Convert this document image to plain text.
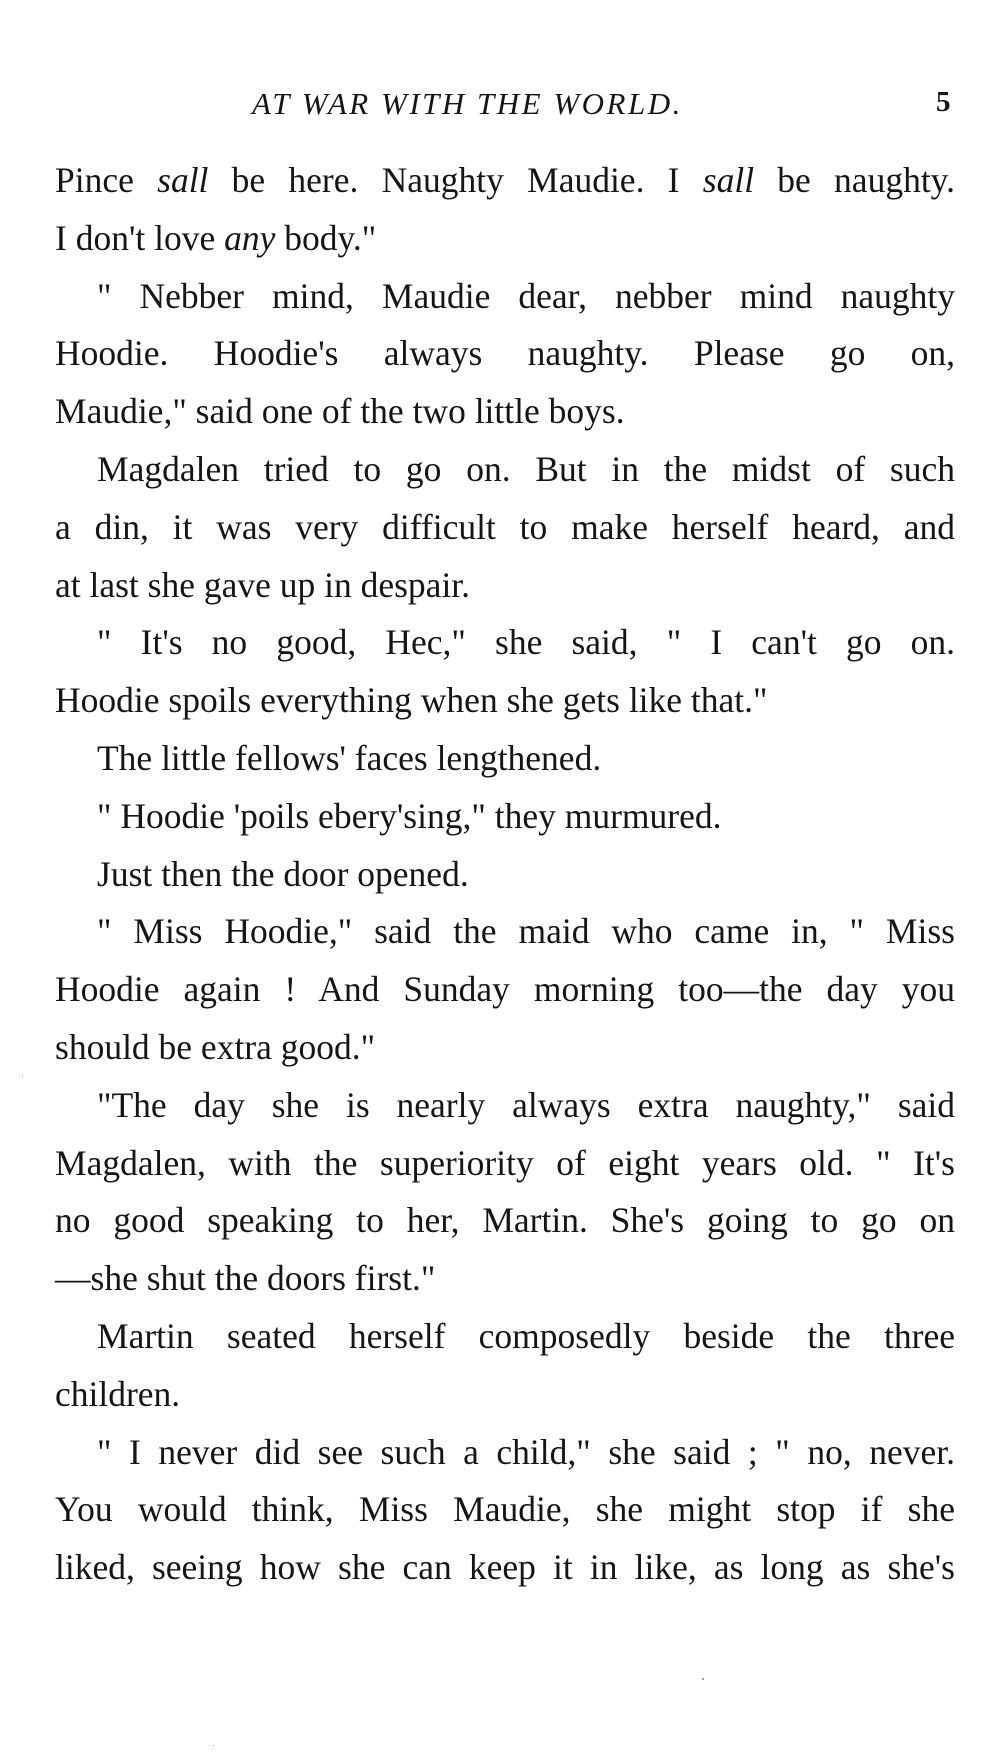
AT WAR WITH THE WORLD.	5

Pince sall be here. Naughty Maudie. I sall be naughty.

I don't love any body."

" Nebber mind, Maudie dear, nebber mind naughty

Hoodie. Hoodie's always naughty. Please go on,

Maudie," said one of the two little boys.

Magdalen tried to go on. But in the midst of such

a din, it was very difficult to make herself heard, and

at last she gave up in despair.

" It's no good, Hec," she said, " I can't go on.

Hoodie spoils everything when she gets like that."

The little fellows' faces lengthened.

" Hoodie 'poils ebery'sing," they murmured.

Just then the door opened.

" Miss Hoodie," said the maid who came in, " Miss

Hoodie again ! And Sunday morning too—the day you

should be extra good."

"The day she is nearly always extra naughty," said

Magdalen, with the superiority of eight years old. " It's

no good speaking to her, Martin. She's going to go on

—she shut the doors first."

Martin seated herself composedly beside the three

children.

" I never did see such a child," she said ; " no, never.

You would think, Miss Maudie, she might stop if she

liked, seeing how she can keep it in like, as long as she's
